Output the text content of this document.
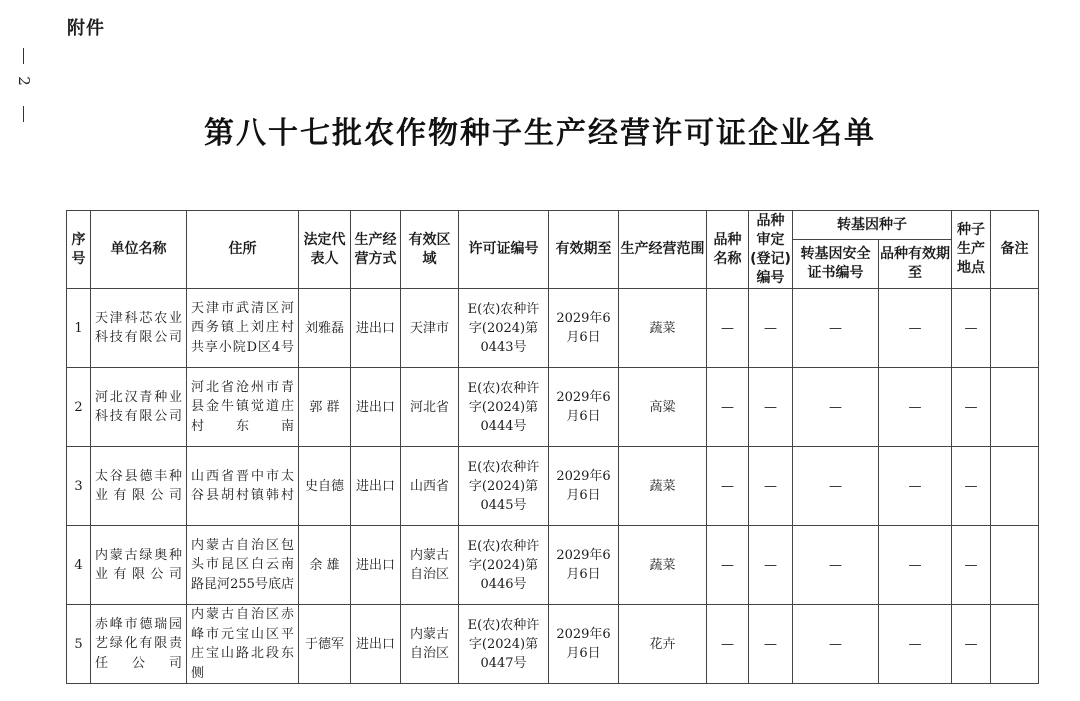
附件
2
第八十七批农作物种子生产经营许可证企业名单
序号	单位名称	住所	法定代表人	生产经营方式	有效区域	许可证编号	有效期至	生产经营范围	品种名称	品种审定(登记)编号	转基因种子		种子生产地点	备注
											转基因安全证书编号	品种有效期至		
1	天津科芯农业科技有限公司	天津市武清区河西务镇上刘庄村共享小院D区4号	刘雅磊	进出口	天津市	E(农)农种许字(2024)第0443号	2029年6月6日	蔬菜	—	—	—	—	—	
2	河北汉青种业科技有限公司	河北省沧州市青县金牛镇觉道庄村东南	郭 群	进出口	河北省	E(农)农种许字(2024)第0444号	2029年6月6日	高粱	—	—	—	—	—	
3	太谷县德丰种业有限公司	山西省晋中市太谷县胡村镇韩村	史自德	进出口	山西省	E(农)农种许字(2024)第0445号	2029年6月6日	蔬菜	—	—	—	—	—	
4	内蒙古绿奥种业有限公司	内蒙古自治区包头市昆区白云南路昆河255号底店	余 雄	进出口	内蒙古自治区	E(农)农种许字(2024)第0446号	2029年6月6日	蔬菜	—	—	—	—	—	
5	赤峰市德瑞园艺绿化有限责任公司	内蒙古自治区赤峰市元宝山区平庄宝山路北段东侧	于德军	进出口	内蒙古自治区	E(农)农种许字(2024)第0447号	2029年6月6日	花卉	—	—	—	—	—	
